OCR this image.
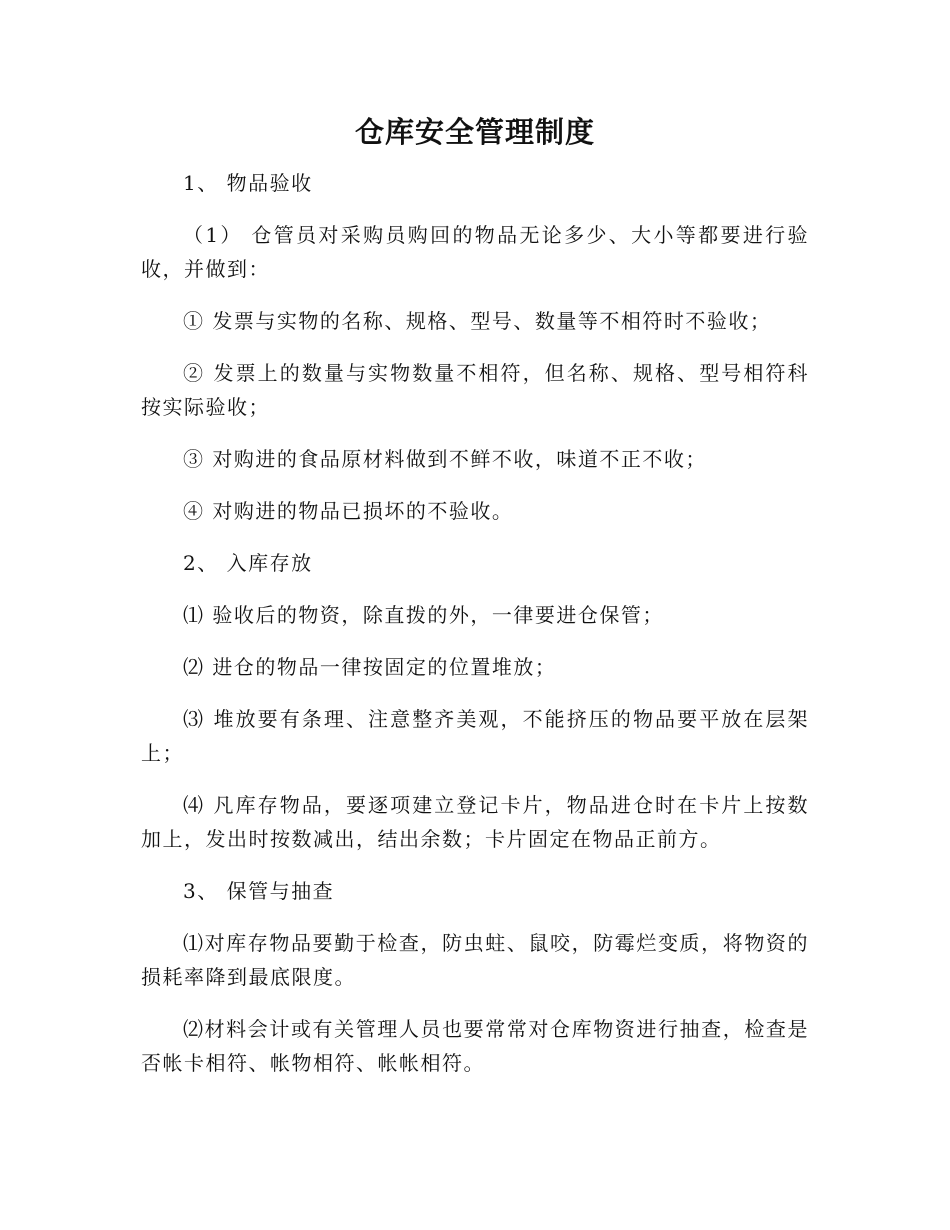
仓库安全管理制度

1、 物品验收

（1） 仓管员对采购员购回的物品无论多少、大小等都要进行验收，并做到：

① 发票与实物的名称、规格、型号、数量等不相符时不验收；

② 发票上的数量与实物数量不相符，但名称、规格、型号相符科按实际验收；

③ 对购进的食品原材料做到不鲜不收，味道不正不收；

④ 对购进的物品已损坏的不验收。

2、 入库存放

⑴ 验收后的物资，除直拨的外，一律要进仓保管；

⑵ 进仓的物品一律按固定的位置堆放；

⑶ 堆放要有条理、注意整齐美观，不能挤压的物品要平放在层架上；

⑷ 凡库存物品，要逐项建立登记卡片，物品进仓时在卡片上按数加上，发出时按数减出，结出余数；卡片固定在物品正前方。

3、 保管与抽查

⑴对库存物品要勤于检查，防虫蛀、鼠咬，防霉烂变质，将物资的损耗率降到最底限度。

⑵材料会计或有关管理人员也要常常对仓库物资进行抽查，检查是否帐卡相符、帐物相符、帐帐相符。
